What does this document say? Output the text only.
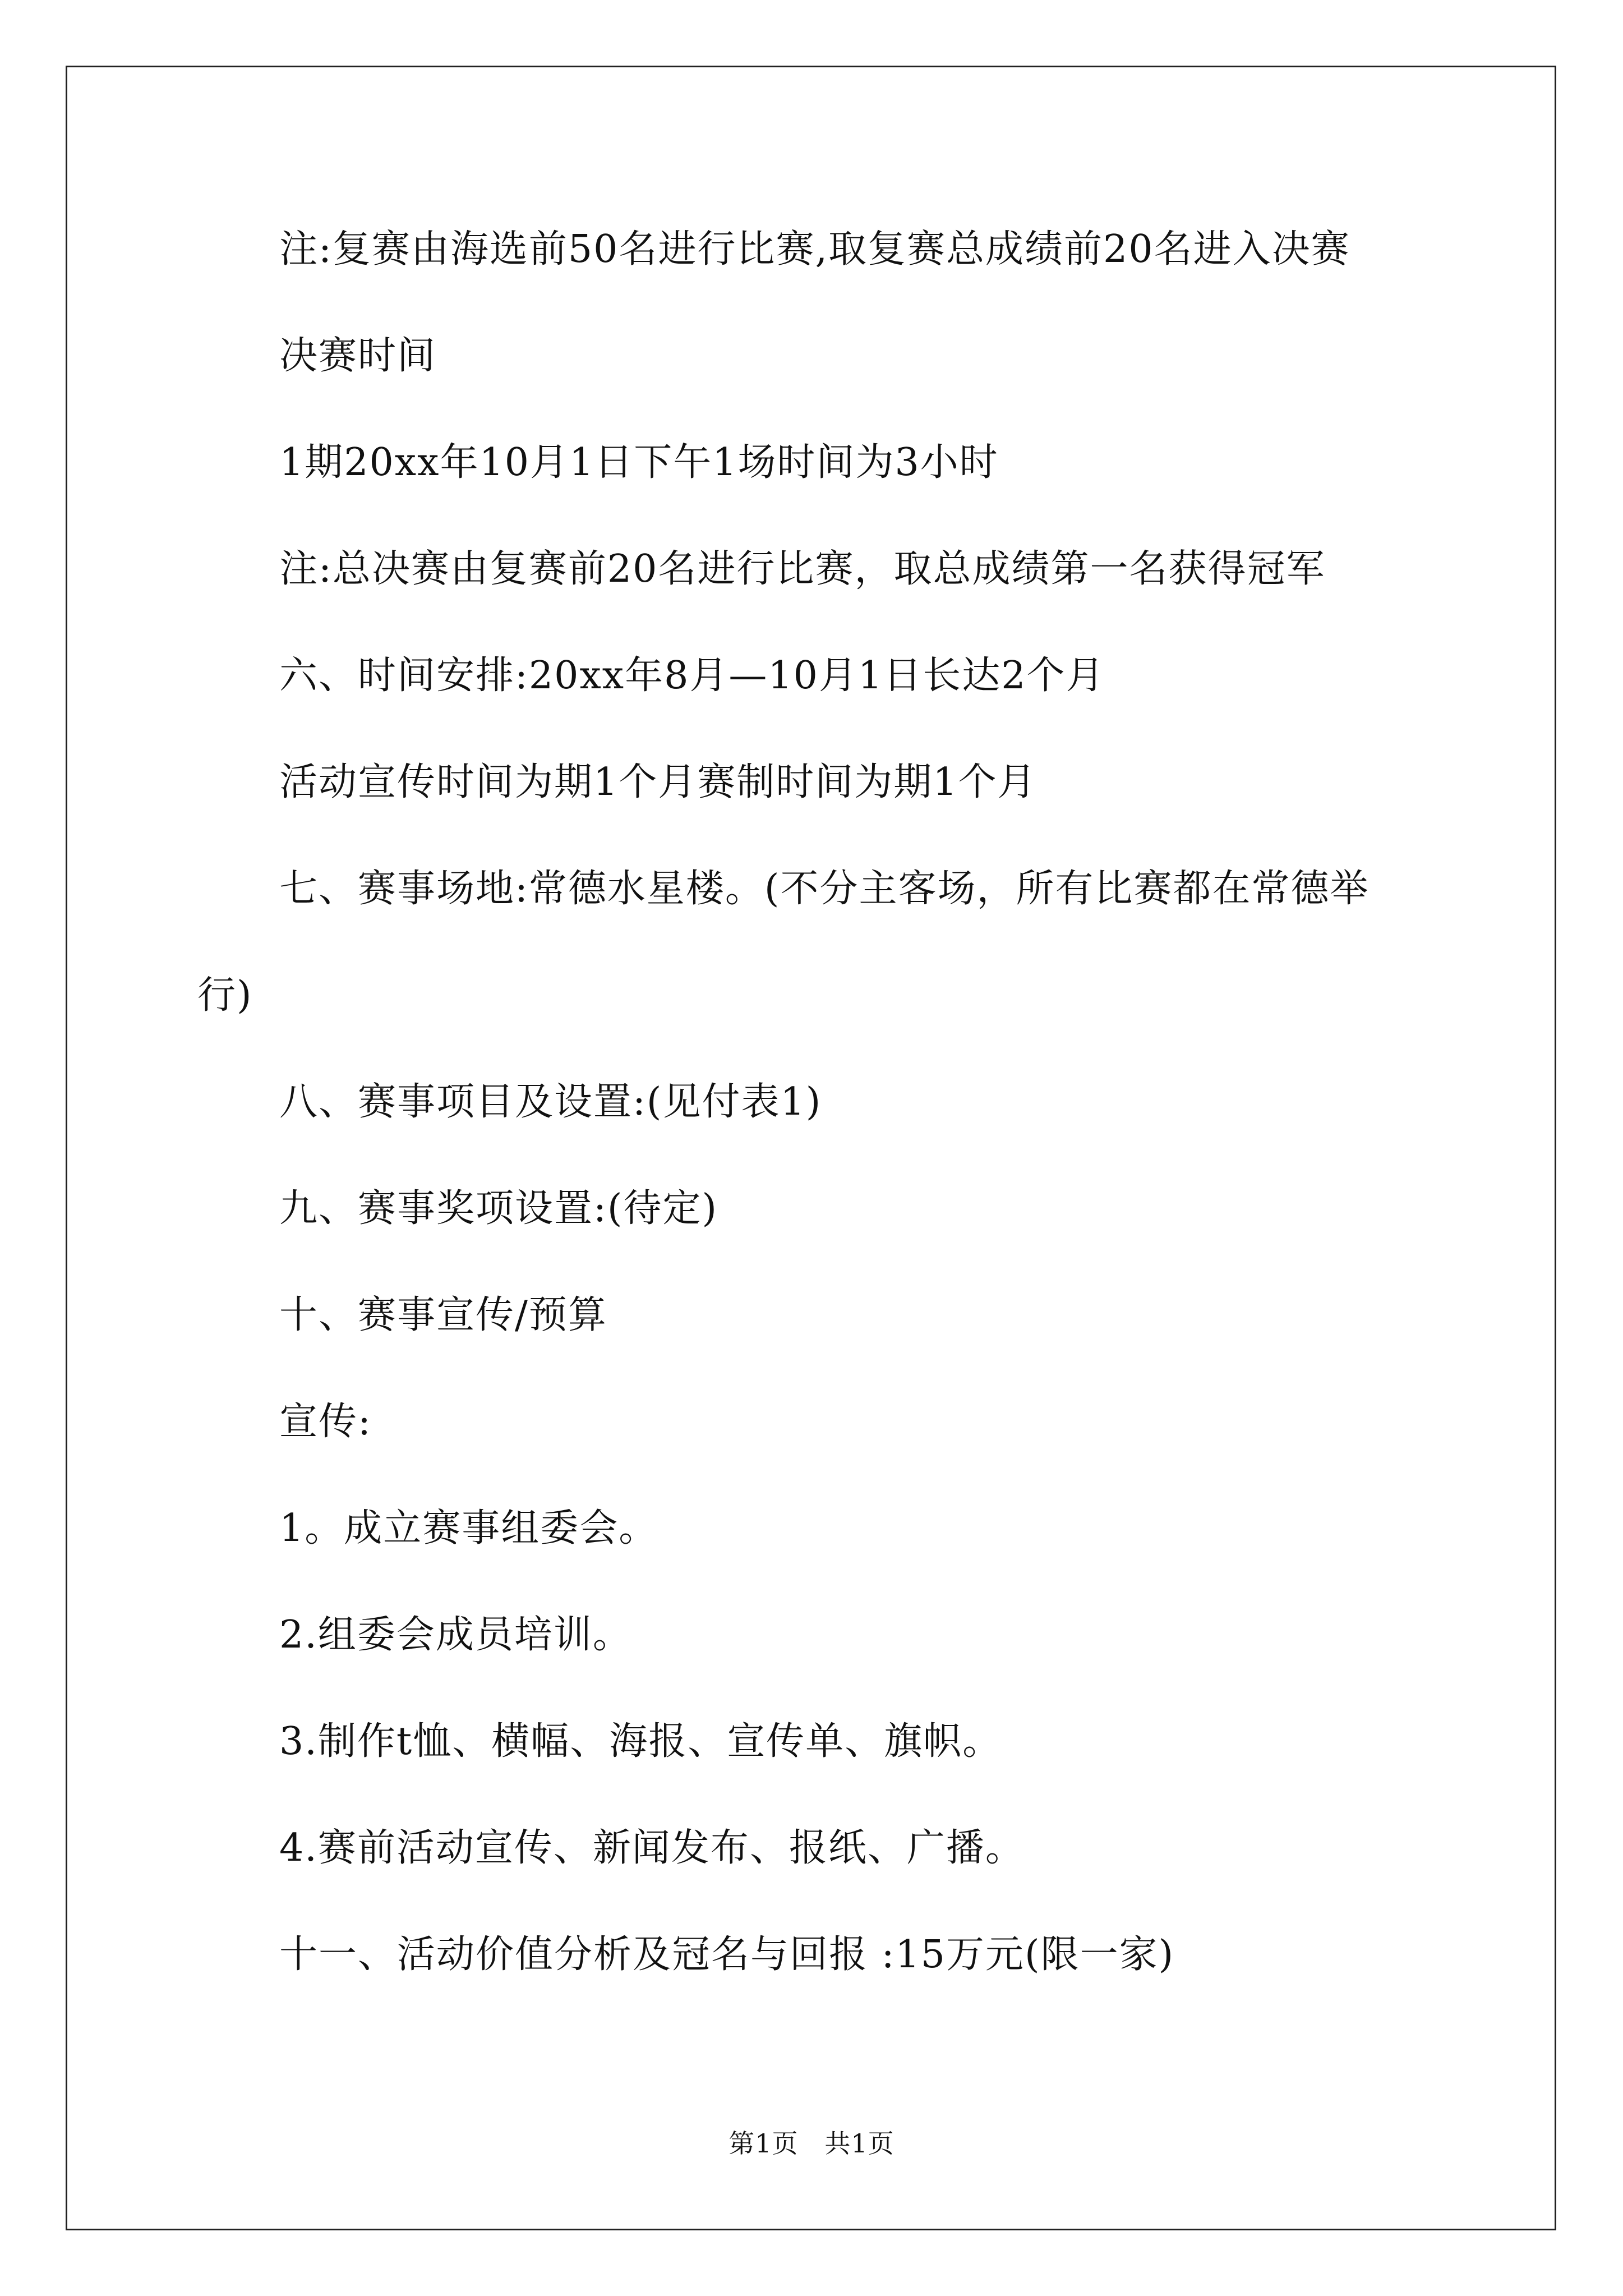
注:复赛由海选前50名进行比赛,取复赛总成绩前20名进入决赛
决赛时间
1期20xx年10月1日下午1场时间为3小时
注:总决赛由复赛前20名进行比赛，取总成绩第一名获得冠军
六、时间安排:20xx年8月—10月1日长达2个月
活动宣传时间为期1个月赛制时间为期1个月
七、赛事场地:常德水星楼。(不分主客场，所有比赛都在常德举
行)
八、赛事项目及设置:(见付表1)
九、赛事奖项设置:(待定)
十、赛事宣传/预算
宣传:
1。成立赛事组委会。
2.组委会成员培训。
3.制作t恤、横幅、海报、宣传单、旗帜。
4.赛前活动宣传、新闻发布、报纸、广播。
十一、活动价值分析及冠名与回报 :15万元(限一家)
第1页   共1页
